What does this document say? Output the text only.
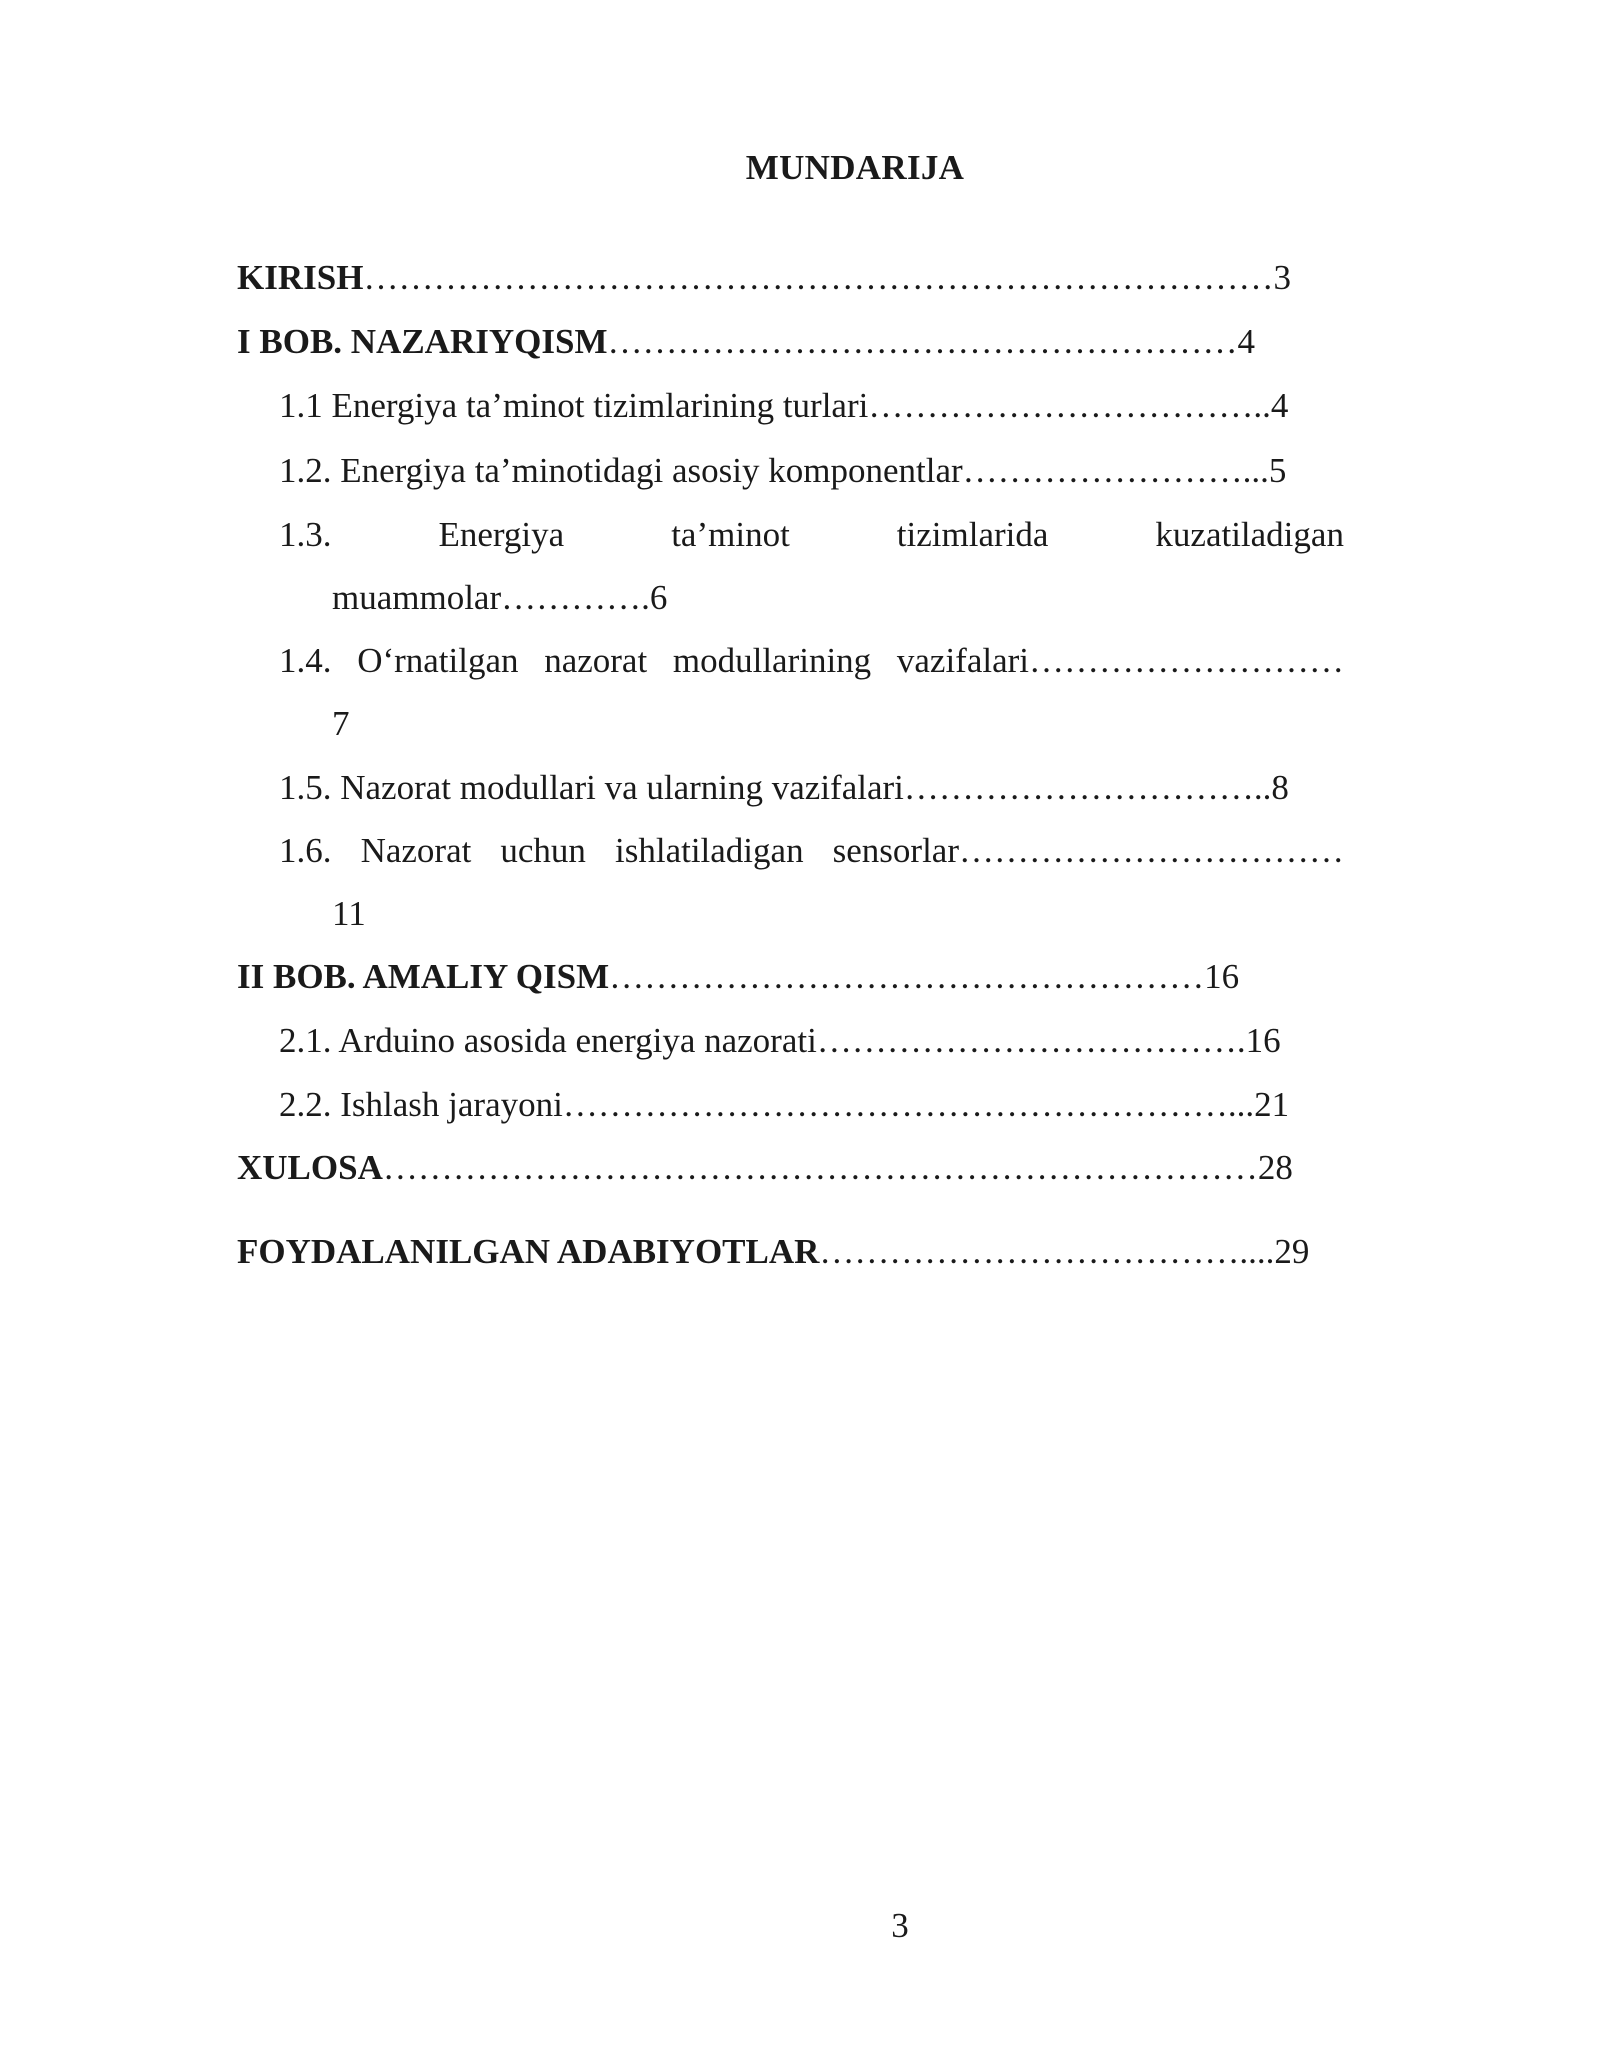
MUNDARIJA
KIRISH……………………………………………………………………3
I BOB. NAZARIYQISM………………………………………………4
1.1 Energiya ta’minot tizimlarining turlari……………………………..4
1.2. Energiya ta’minotidagi asosiy komponentlar……………………...5
1.3.	Energiya	ta’minot	tizimlarida	kuzatiladigan
muammolar………….6
1.4. O‘rnatilgan nazorat modullarining vazifalari………………………
7
1.5. Nazorat modullari va ularning vazifalari…………………………..8
1.6. Nazorat uchun ishlatiladigan sensorlar……………………………
11
II BOB. AMALIY QISM……………………………………………16
2.1. Arduino asosida energiya nazorati……………………………….16
2.2. Ishlash jarayoni…………………………………………………...21
XULOSA…………………………………………………………………28
FOYDALANILGAN ADABIYOTLAR………………………………....29
3
